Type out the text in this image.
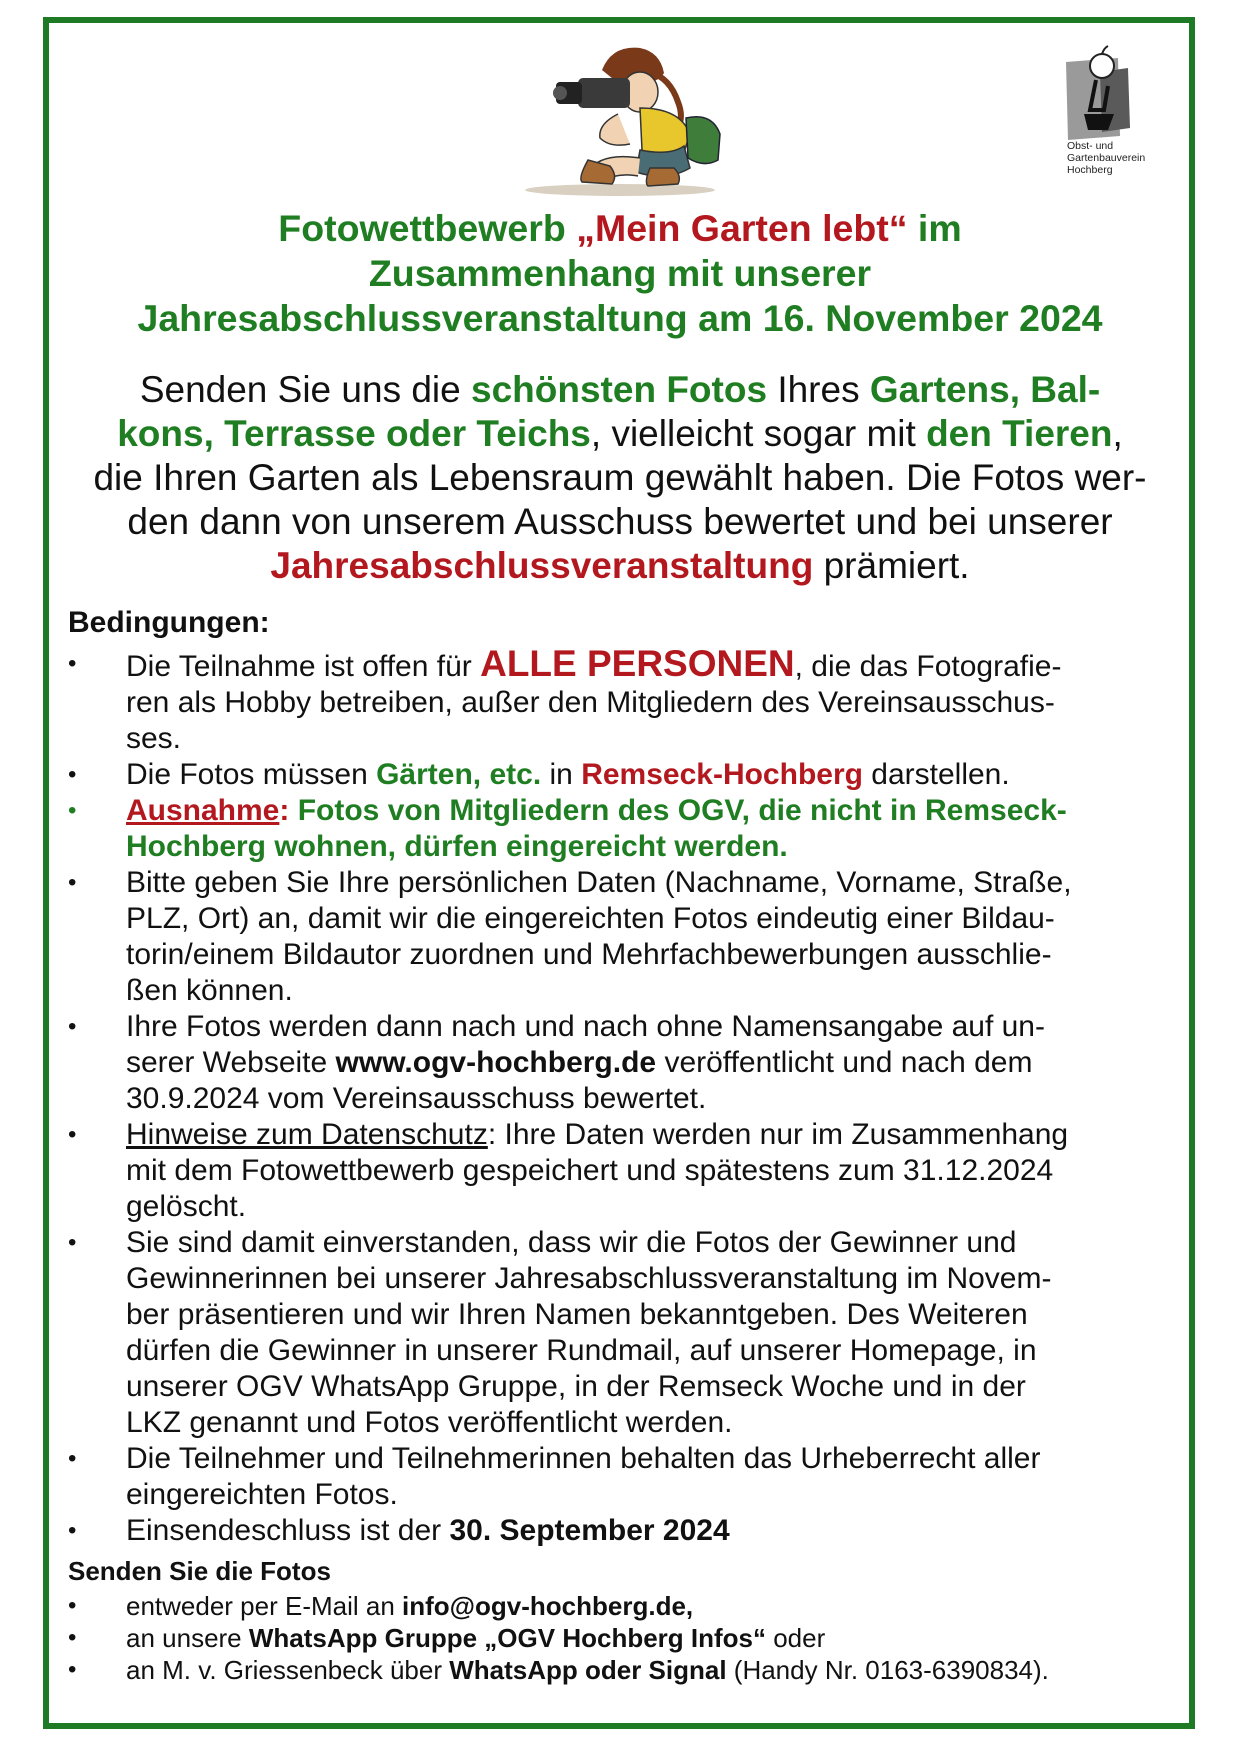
Obst- und
Gartenbauverein
Hochberg
Fotowettbewerb „Mein Garten lebt“ im
Zusammenhang mit unserer
Jahresabschlussveranstaltung am 16. November 2024

Senden Sie uns die schönsten Fotos Ihres Gartens, Bal-
kons, Terrasse oder Teichs, vielleicht sogar mit den Tieren,
die Ihren Garten als Lebensraum gewählt haben. Die Fotos wer-
den dann von unserem Ausschuss bewertet und bei unserer
Jahresabschlussveranstaltung prämiert.

Bedingungen:
• Die Teilnahme ist offen für ALLE PERSONEN, die das Fotografie-
ren als Hobby betreiben, außer den Mitgliedern des Vereinsausschus-
ses.
• Die Fotos müssen Gärten, etc. in Remseck-Hochberg darstellen.
• Ausnahme: Fotos von Mitgliedern des OGV, die nicht in Remseck-
Hochberg wohnen, dürfen eingereicht werden.
• Bitte geben Sie Ihre persönlichen Daten (Nachname, Vorname, Straße,
PLZ, Ort) an, damit wir die eingereichten Fotos eindeutig einer Bildau-
torin/einem Bildautor zuordnen und Mehrfachbewerbungen ausschlie-
ßen können.
• Ihre Fotos werden dann nach und nach ohne Namensangabe auf un-
serer Webseite www.ogv-hochberg.de veröffentlicht und nach dem
30.9.2024 vom Vereinsausschuss bewertet.
• Hinweise zum Datenschutz: Ihre Daten werden nur im Zusammenhang
mit dem Fotowettbewerb gespeichert und spätestens zum 31.12.2024
gelöscht.
• Sie sind damit einverstanden, dass wir die Fotos der Gewinner und
Gewinnerinnen bei unserer Jahresabschlussveranstaltung im Novem-
ber präsentieren und wir Ihren Namen bekanntgeben. Des Weiteren
dürfen die Gewinner in unserer Rundmail, auf unserer Homepage, in
unserer OGV WhatsApp Gruppe, in der Remseck Woche und in der
LKZ genannt und Fotos veröffentlicht werden.
• Die Teilnehmer und Teilnehmerinnen behalten das Urheberrecht aller
eingereichten Fotos.
• Einsendeschluss ist der 30. September 2024
Senden Sie die Fotos
• entweder per E-Mail an info@ogv-hochberg.de,
• an unsere WhatsApp Gruppe „OGV Hochberg Infos“ oder
• an M. v. Griessenbeck über WhatsApp oder Signal (Handy Nr. 0163-6390834).
